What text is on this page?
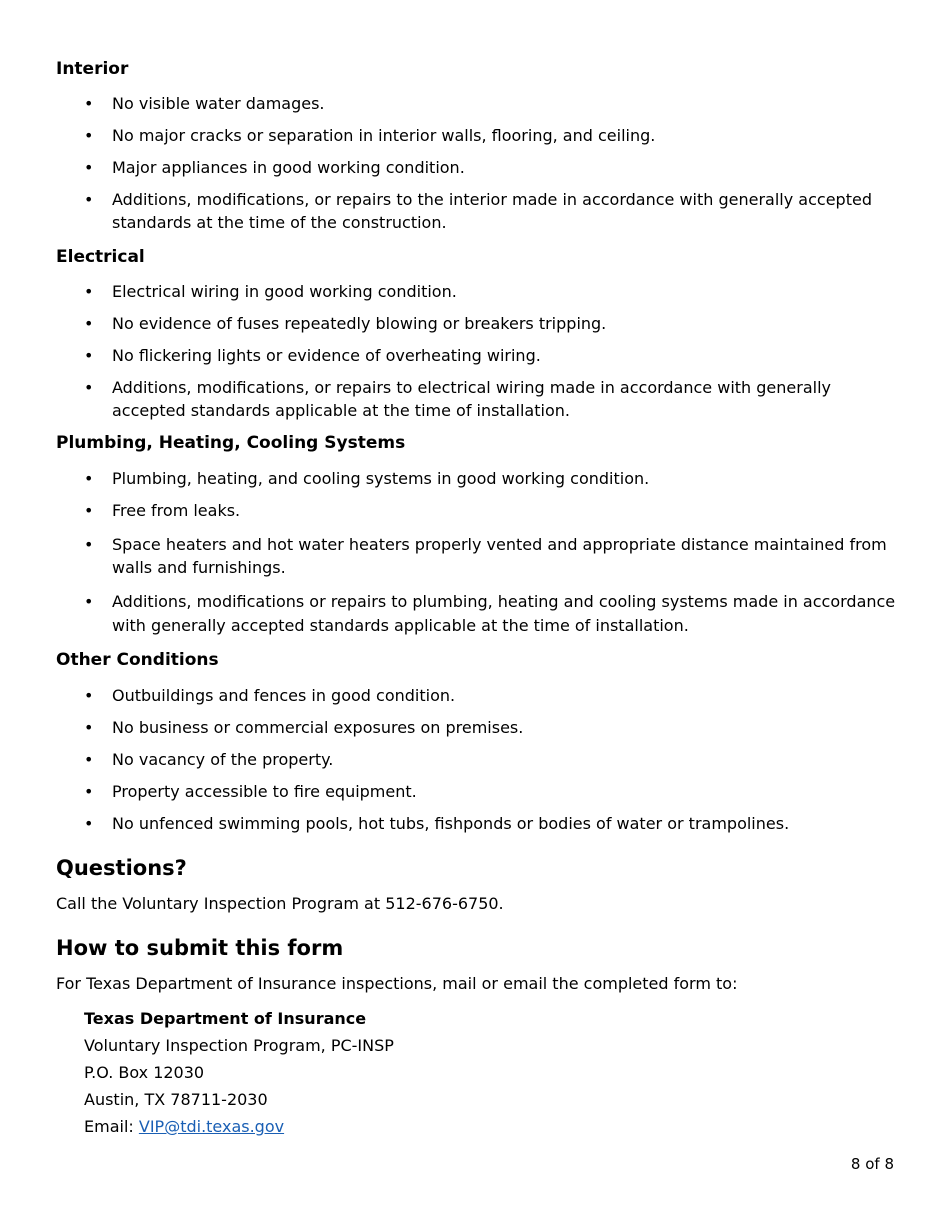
Interior
• No visible water damages.
• No major cracks or separation in interior walls, flooring, and ceiling.
• Major appliances in good working condition.
• Additions, modifications, or repairs to the interior made in accordance with generally accepted standards at the time of the construction.
Electrical
• Electrical wiring in good working condition.
• No evidence of fuses repeatedly blowing or breakers tripping.
• No flickering lights or evidence of overheating wiring.
• Additions, modifications, or repairs to electrical wiring made in accordance with generally accepted standards applicable at the time of installation.
Plumbing, Heating, Cooling Systems
• Plumbing, heating, and cooling systems in good working condition.
• Free from leaks.
• Space heaters and hot water heaters properly vented and appropriate distance maintained from walls and furnishings.
• Additions, modifications or repairs to plumbing, heating and cooling systems made in accordance with generally accepted standards applicable at the time of installation.
Other Conditions
• Outbuildings and fences in good condition.
• No business or commercial exposures on premises.
• No vacancy of the property.
• Property accessible to fire equipment.
• No unfenced swimming pools, hot tubs, fishponds or bodies of water or trampolines.
Questions?

Call the Voluntary Inspection Program at 512-676-6750.

How to submit this form

For Texas Department of Insurance inspections, mail or email the completed form to:

Texas Department of Insurance
Voluntary Inspection Program, PC-INSP
P.O. Box 12030
Austin, TX 78711-2030
Email: VIP@tdi.texas.gov
8 of 8
